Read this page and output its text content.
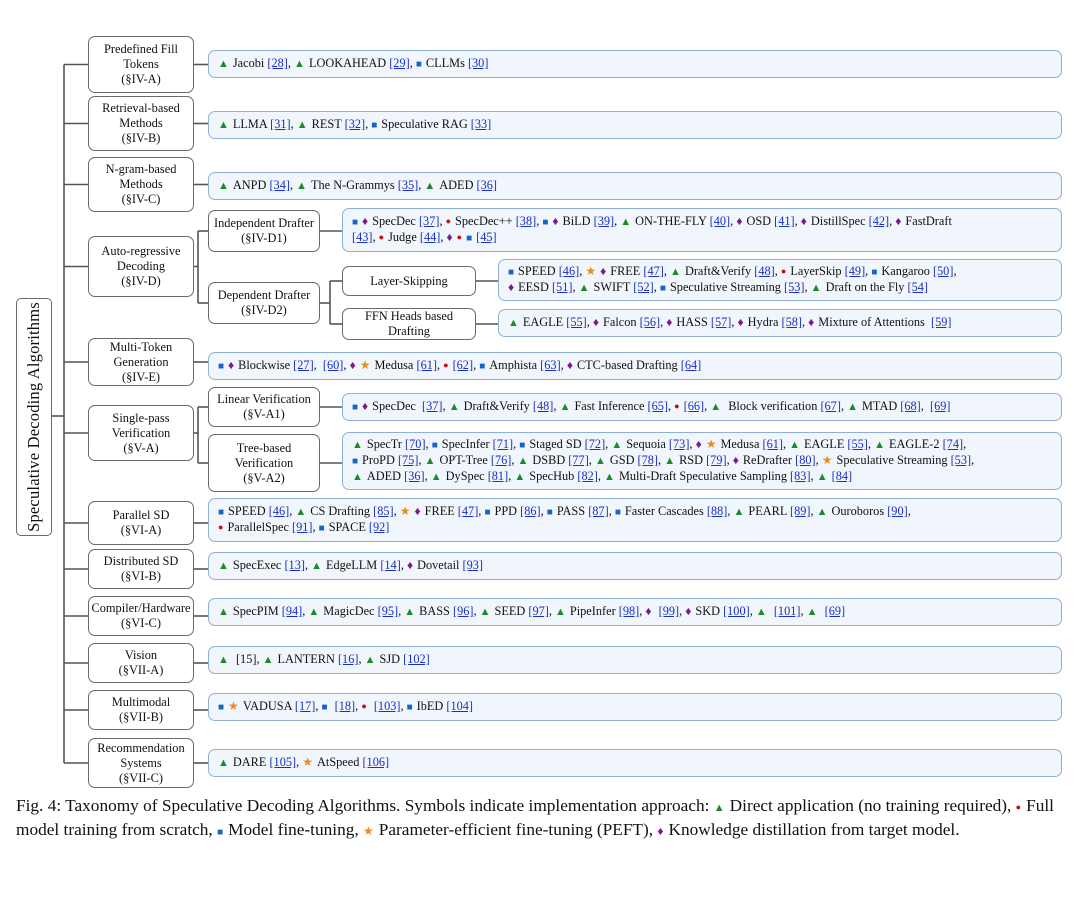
Speculative Decoding Algorithms
Predefined Fill
Tokens
(§IV-A)
Retrieval-based
Methods
(§IV-B)
N-gram-based
Methods
(§IV-C)
Auto-regressive
Decoding
(§IV-D)
Independent Drafter
(§IV-D1)
Dependent Drafter
(§IV-D2)
Layer-Skipping
FFN Heads based
Drafting
Multi-Token
Generation
(§IV-E)
Single-pass
Verification
(§V-A)
Linear Verification
(§V-A1)
Tree-based
Verification
(§V-A2)
Parallel SD
(§VI-A)
Distributed SD
(§VI-B)
Compiler/Hardware
(§VI-C)
Vision
(§VII-A)
Multimodal
(§VII-B)
Recommendation
Systems
(§VII-C)
▲ Jacobi [28], ▲ LOOKAHEAD [29], ■ CLLMs [30]
▲ LLMA [31], ▲ REST [32], ■ Speculative RAG [33]
▲ ANPD [34], ▲ The N-Grammys [35], ▲ ADED [36]
■ ♦ SpecDec [37], ● SpecDec++ [38], ■ ♦ BiLD [39], ▲ ON-THE-FLY [40], ♦ OSD [41], ♦ DistillSpec [42], ♦ FastDraft
[43], ● Judge [44], ♦ ● ■ [45]
■ SPEED [46], ★ ♦ FREE [47], ▲ Draft&Verify [48], ● LayerSkip [49], ■ Kangaroo [50],
♦ EESD [51], ▲ SWIFT [52], ■ Speculative Streaming [53], ▲ Draft on the Fly [54]
▲ EAGLE [55], ♦ Falcon [56], ♦ HASS [57], ♦ Hydra [58], ♦ Mixture of Attentions  [59]
■ ♦ Blockwise [27],  [60], ♦ ★ Medusa [61], ● [62], ■ Amphista [63], ♦ CTC-based Drafting [64]
■ ♦ SpecDec  [37], ▲ Draft&Verify [48], ▲ Fast Inference [65], ● [66], ▲ Block verification [67], ▲ MTAD [68],  [69]
▲ SpecTr [70], ■ SpecInfer [71], ■ Staged SD [72], ▲ Sequoia [73], ♦ ★ Medusa [61], ▲ EAGLE [55], ▲ EAGLE-2 [74],
■ ProPD [75], ▲ OPT-Tree [76], ▲ DSBD [77], ▲ GSD [78], ▲ RSD [79], ♦ ReDrafter [80], ★ Speculative Streaming [53],
▲ ADED [36], ▲ DySpec [81], ▲ SpecHub [82], ▲ Multi-Draft Speculative Sampling [83], ▲ [84]
■ SPEED [46], ▲ CS Drafting [85], ★ ♦ FREE [47], ■ PPD [86], ■ PASS [87], ■ Faster Cascades [88], ▲ PEARL [89], ▲ Ouroboros [90],
● ParallelSpec [91], ■ SPACE [92]
▲ SpecExec [13], ▲ EdgeLLM [14], ♦ Dovetail [93]
▲ SpecPIM [94], ▲ MagicDec [95], ▲ BASS [96], ▲ SEED [97], ▲ PipeInfer [98], ♦ [99], ♦ SKD [100], ▲ [101], ▲ [69]
▲ [15], ▲ LANTERN [16], ▲ SJD [102]
■ ★ VADUSA [17], ■ [18], ● [103], ■ IbED [104]
▲ DARE [105], ★ AtSpeed [106]
Fig. 4: Taxonomy of Speculative Decoding Algorithms. Symbols indicate implementation approach: ▲ Direct application (no training required), ● Full model training from scratch, ■ Model fine-tuning, ★ Parameter-efficient fine-tuning (PEFT), ♦ Knowledge distillation from target model.
